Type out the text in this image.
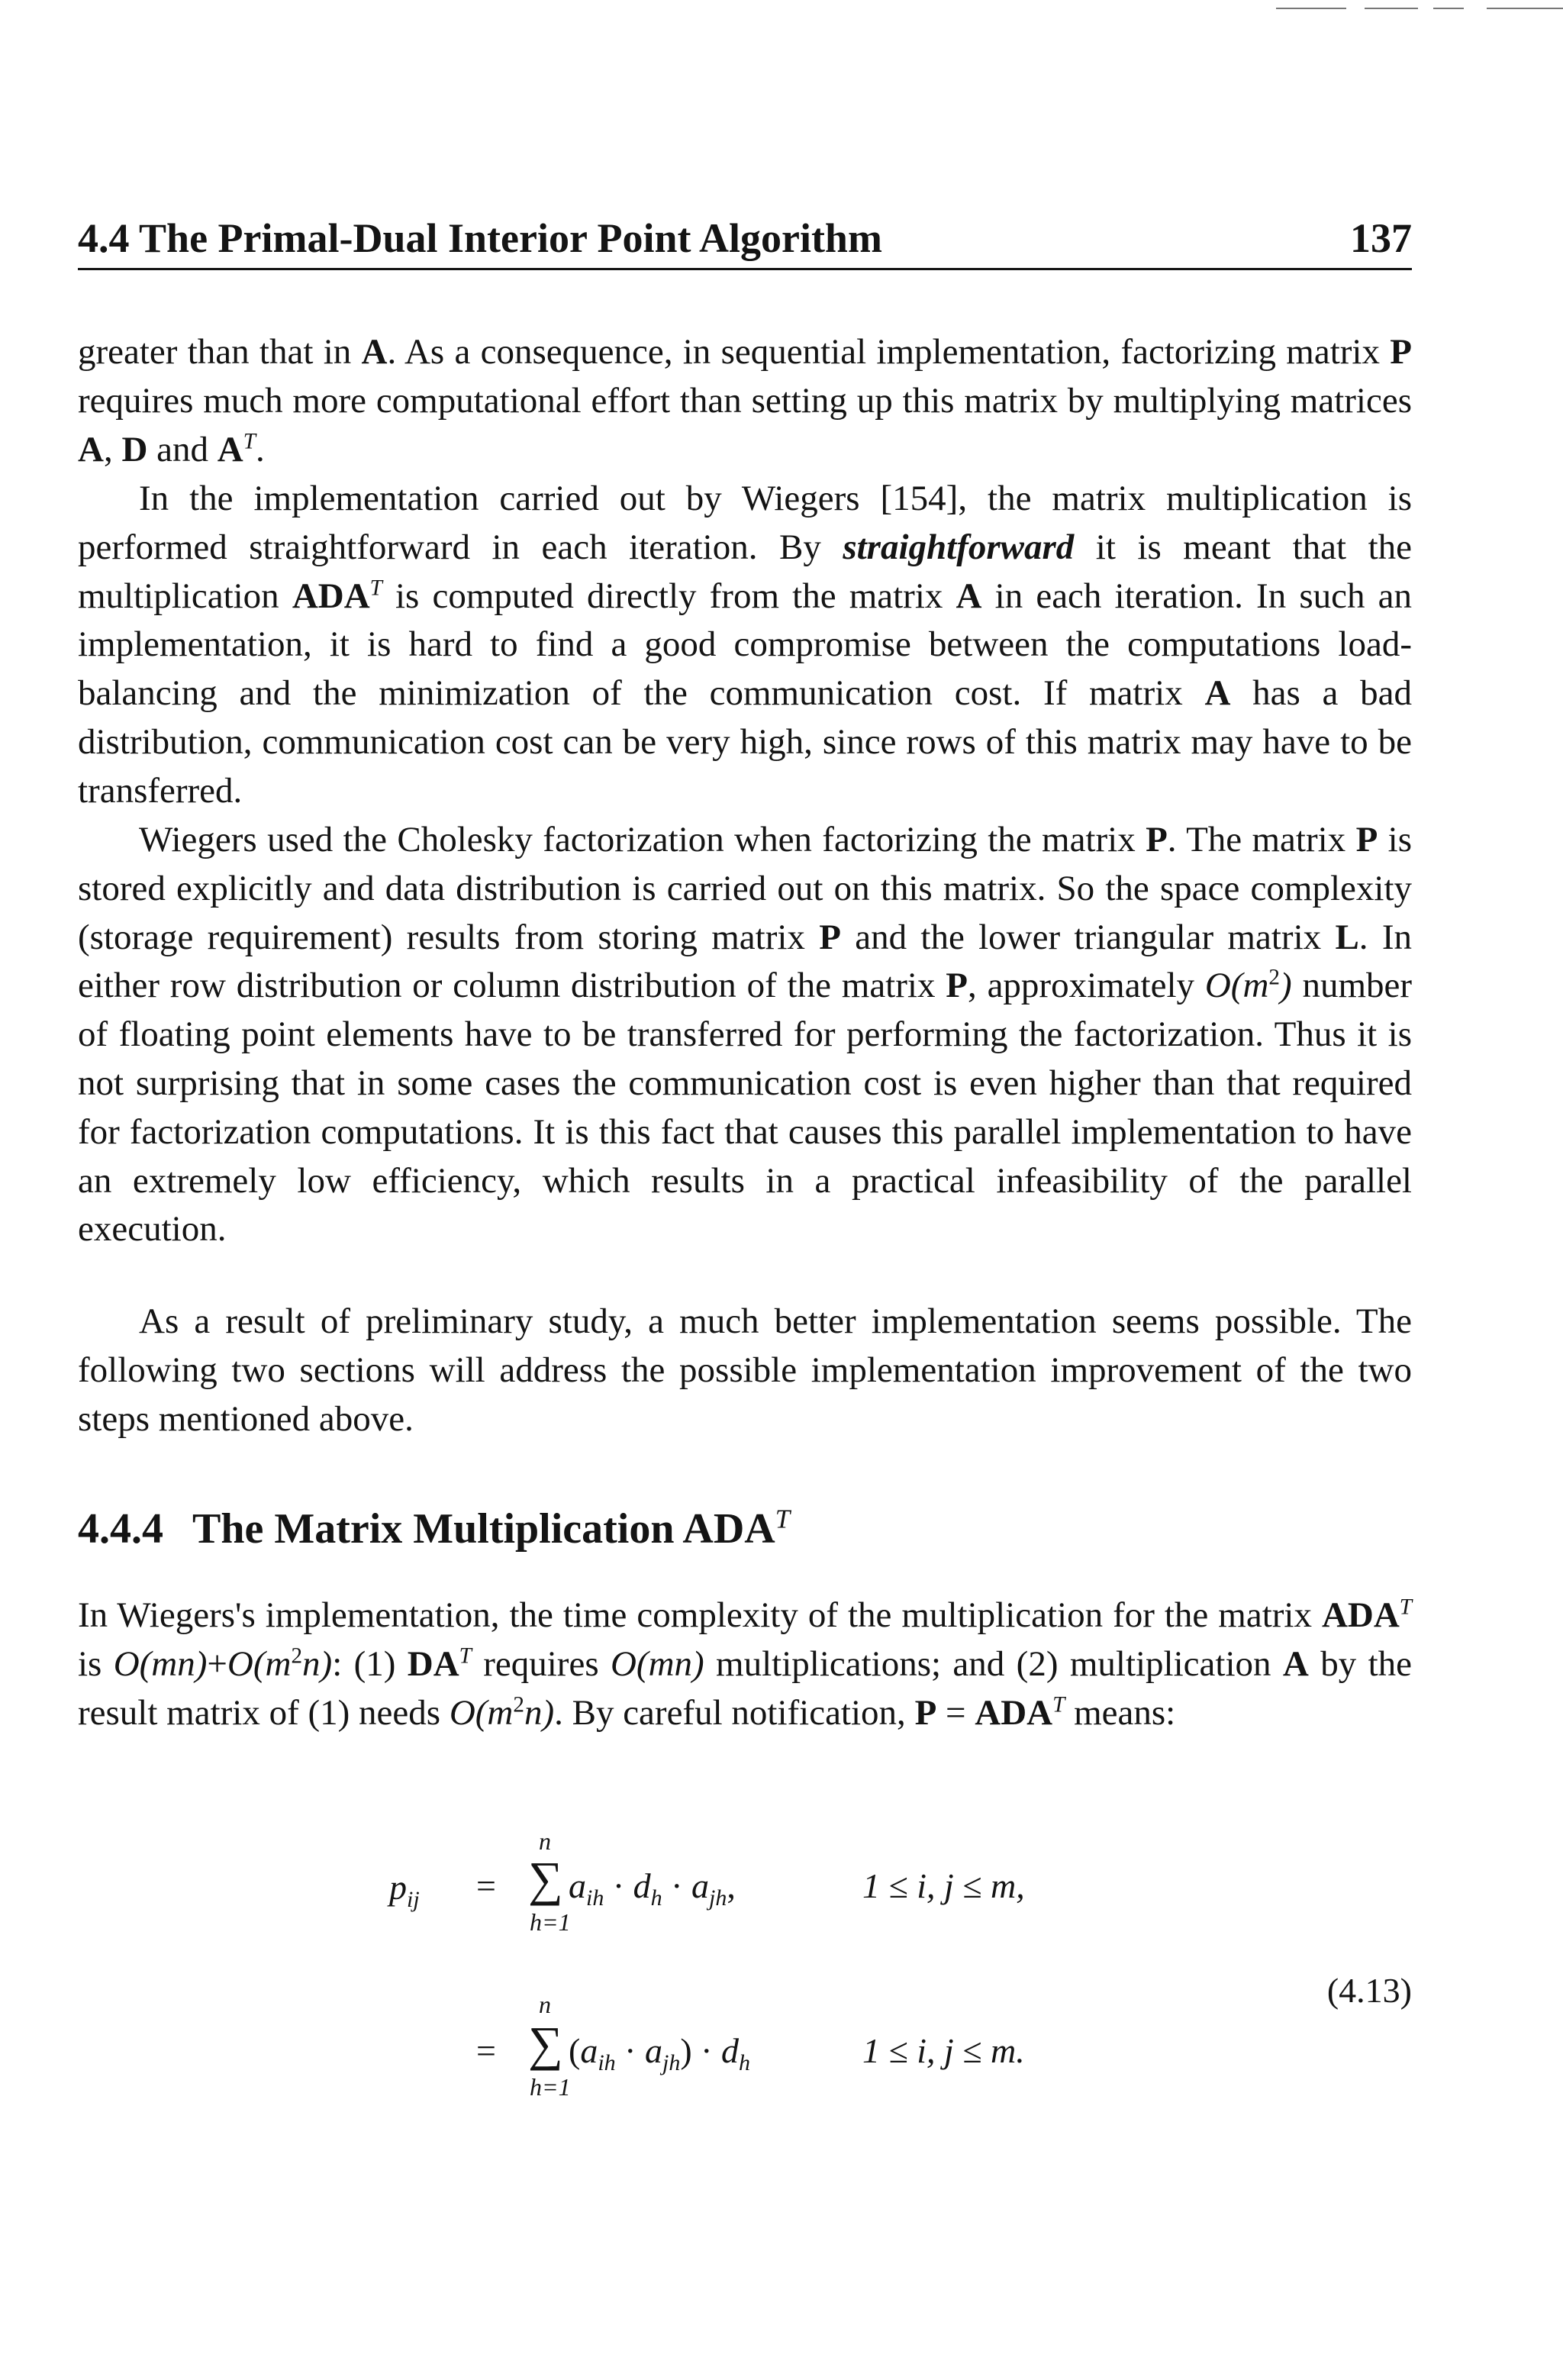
4.4 The Primal-Dual Interior Point Algorithm	137
greater than that in A. As a consequence, in sequential implementation, factorizing matrix P requires much more computational effort than setting up this matrix by multiplying matrices A, D and $A^T$.
In the implementation carried out by Wiegers [154], the matrix multiplication is performed straightforward in each iteration. By straightforward it is meant that the multiplication $ADA^T$ is computed directly from the matrix A in each iteration. In such an implementation, it is hard to find a good compromise between the computations load-balancing and the minimization of the communication cost. If matrix A has a bad distribution, communication cost can be very high, since rows of this matrix may have to be transferred.
Wiegers used the Cholesky factorization when factorizing the matrix P. The matrix P is stored explicitly and data distribution is carried out on this matrix. So the space complexity (storage requirement) results from storing matrix P and the lower triangular matrix L. In either row distribution or column distribution of the matrix P, approximately $O(m^2)$ number of floating point elements have to be transferred for performing the factorization. Thus it is not surprising that in some cases the communication cost is even higher than that required for factorization computations. It is this fact that causes this parallel implementation to have an extremely low efficiency, which results in a practical infeasibility of the parallel execution.
As a result of preliminary study, a much better implementation seems possible. The following two sections will address the possible implementation improvement of the two steps mentioned above.
4.4.4 The Matrix Multiplication $ADA^T$
In Wiegers's implementation, the time complexity of the multiplication for the matrix $ADA^T$ is $O(mn)+O(m^2n)$: (1) $DA^T$ requires O(mn) multiplications; and (2) multiplication A by the result matrix of (1) needs $O(m^2n)$. By careful notification, $P = ADA^T$ means:
$p_{ij}$ =
n
∑
h=1
$a_{ih} \cdot d_h \cdot a_{jh}$,	1 ≤ i, j ≤ m,
=
n
∑
h=1
$(a_{ih} \cdot a_{jh}) \cdot d_h$	1 ≤ i, j ≤ m.
(4.13)
